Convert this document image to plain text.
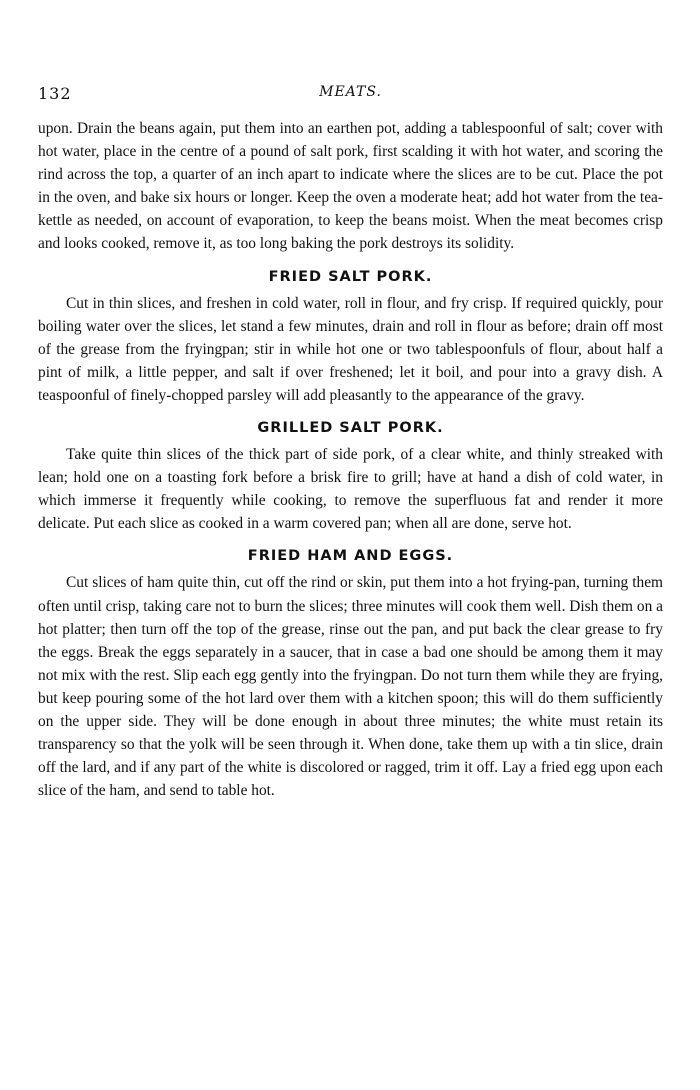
132	MEATS.

upon. Drain the beans again, put them into an earthen pot, adding a tablespoonful of salt; cover with hot water, place in the centre of a pound of salt pork, first scalding it with hot water, and scoring the rind across the top, a quarter of an inch apart to indicate where the slices are to be cut. Place the pot in the oven, and bake six hours or longer. Keep the oven a moderate heat; add hot water from the tea-kettle as needed, on account of evaporation, to keep the beans moist. When the meat becomes crisp and looks cooked, remove it, as too long baking the pork destroys its solidity.

FRIED SALT PORK.

Cut in thin slices, and freshen in cold water, roll in flour, and fry crisp. If required quickly, pour boiling water over the slices, let stand a few minutes, drain and roll in flour as before; drain off most of the grease from the fryingpan; stir in while hot one or two tablespoonfuls of flour, about half a pint of milk, a little pepper, and salt if over freshened; let it boil, and pour into a gravy dish. A teaspoonful of finely-chopped parsley will add pleasantly to the appearance of the gravy.

GRILLED SALT PORK.

Take quite thin slices of the thick part of side pork, of a clear white, and thinly streaked with lean; hold one on a toasting fork before a brisk fire to grill; have at hand a dish of cold water, in which immerse it frequently while cooking, to remove the superfluous fat and render it more delicate. Put each slice as cooked in a warm covered pan; when all are done, serve hot.

FRIED HAM AND EGGS.

Cut slices of ham quite thin, cut off the rind or skin, put them into a hot frying-pan, turning them often until crisp, taking care not to burn the slices; three minutes will cook them well. Dish them on a hot platter; then turn off the top of the grease, rinse out the pan, and put back the clear grease to fry the eggs. Break the eggs separately in a saucer, that in case a bad one should be among them it may not mix with the rest. Slip each egg gently into the fryingpan. Do not turn them while they are frying, but keep pouring some of the hot lard over them with a kitchen spoon; this will do them sufficiently on the upper side. They will be done enough in about three minutes; the white must retain its transparency so that the yolk will be seen through it. When done, take them up with a tin slice, drain off the lard, and if any part of the white is discolored or ragged, trim it off. Lay a fried egg upon each slice of the ham, and send to table hot.
